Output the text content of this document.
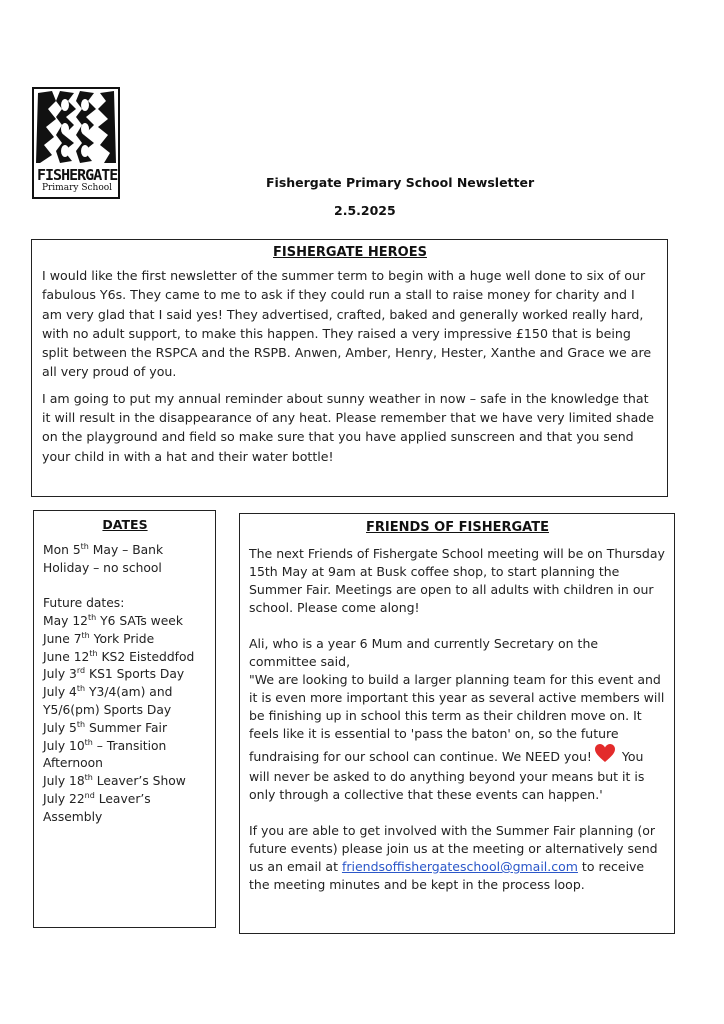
FISHERGATE
Primary School	Fishergate Primary School Newsletter
2.5.2025
FISHERGATE HEROES

I would like the first newsletter of the summer term to begin with a huge well done to six of our fabulous Y6s. They came to me to ask if they could run a stall to raise money for charity and I am very glad that I said yes! They advertised, crafted, baked and generally worked really hard, with no adult support, to make this happen. They raised a very impressive £150 that is being split between the RSPCA and the RSPB. Anwen, Amber, Henry, Hester, Xanthe and Grace we are all very proud of you.

I am going to put my annual reminder about sunny weather in now – safe in the knowledge that it will result in the disappearance of any heat. Please remember that we have very limited shade on the playground and field so make sure that you have applied sunscreen and that you send your child in with a hat and their water bottle!

DATES
Mon 5th May – Bank
Holiday – no school
Future dates:
May 12th Y6 SATs week
June 7th York Pride
June 12th KS2 Eisteddfod
July 3rd KS1 Sports Day
July 4th Y3/4(am) and
Y5/6(pm) Sports Day
July 5th Summer Fair
July 10th – Transition
Afternoon
July 18th Leaver’s Show
July 22nd Leaver’s
Assembly
FRIENDS OF FISHERGATE

The next Friends of Fishergate School meeting will be on Thursday 15th May at 9am at Busk coffee shop, to start planning the Summer Fair. Meetings are open to all adults with children in our school. Please come along!

Ali, who is a year 6 Mum and currently Secretary on the committee said,

"We are looking to build a larger planning team for this event and it is even more important this year as several active members will be finishing up in school this term as their children move on. It feels like it is essential to 'pass the baton' on, so the future fundraising for our school can continue. We NEED you! You will never be asked to do anything beyond your means but it is only through a collective that these events can happen.'

If you are able to get involved with the Summer Fair planning (or future events) please join us at the meeting or alternatively send us an email at friendsoffishergateschool@gmail.com to receive the meeting minutes and be kept in the process loop.
